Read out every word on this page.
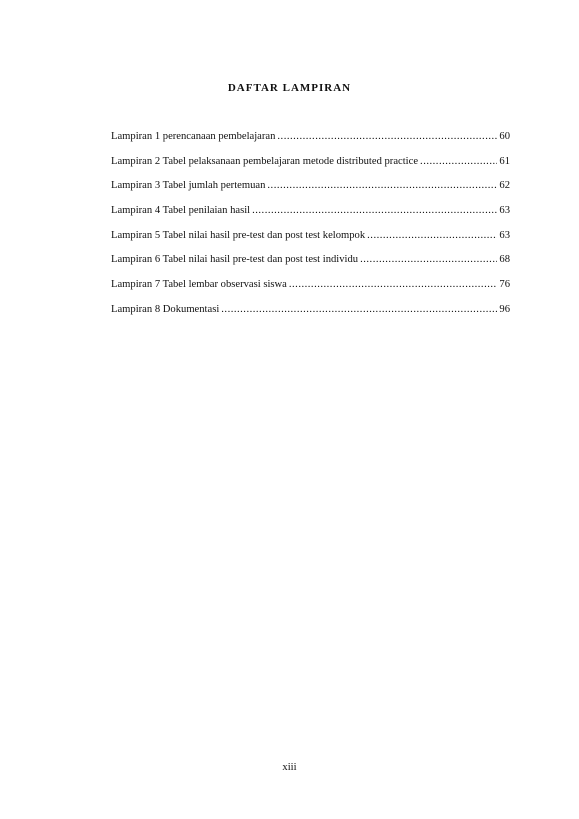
DAFTAR LAMPIRAN
Lampiran 1 perencanaan pembelajaran .....	60
Lampiran 2 Tabel pelaksanaan pembelajaran metode distributed practice .....	61
Lampiran 3 Tabel jumlah pertemuan .....	62
Lampiran 4 Tabel penilaian hasil .....	63
Lampiran 5 Tabel nilai hasil pre-test dan post test kelompok .....	63
Lampiran 6 Tabel nilai hasil pre-test dan post test individu .....	68
Lampiran 7 Tabel lembar observasi siswa .....	76
Lampiran 8 Dokumentasi .....	96
xiii
